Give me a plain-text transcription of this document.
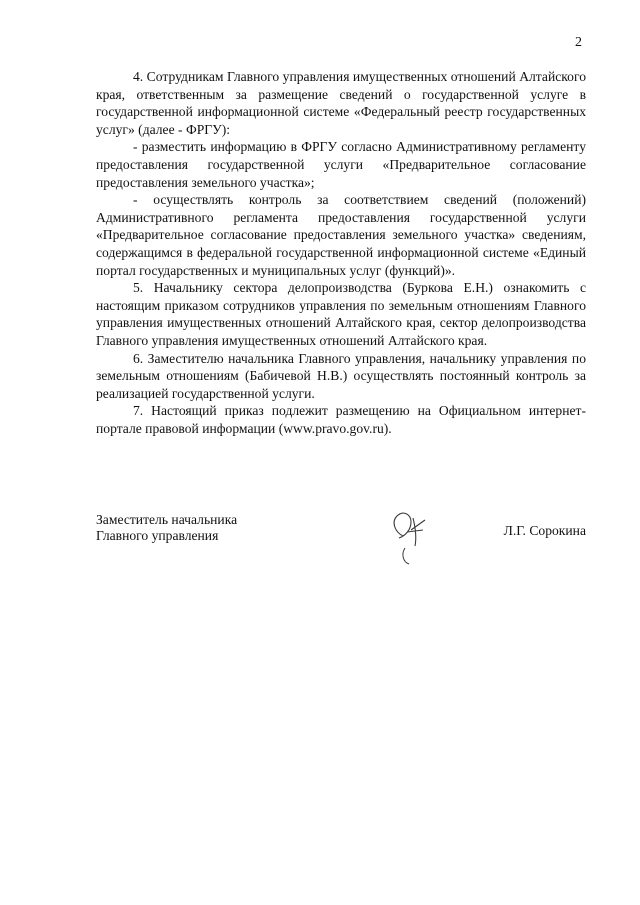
2

4. Сотрудникам Главного управления имущественных отношений Алтайского края, ответственным за размещение сведений о государственной услуге в государственной информационной системе «Федеральный реестр государственных услуг» (далее - ФРГУ):

- разместить информацию в ФРГУ согласно Административному регламенту предоставления государственной услуги «Предварительное согласование предоставления земельного участка»;

- осуществлять контроль за соответствием сведений (положений) Административного регламента предоставления государственной услуги «Предварительное согласование предоставления земельного участка» сведениям, содержащимся в федеральной государственной информационной системе «Единый портал государственных и муниципальных услуг (функций)».

5. Начальнику сектора делопроизводства (Буркова Е.Н.) ознакомить с настоящим приказом сотрудников управления по земельным отношениям Главного управления имущественных отношений Алтайского края, сектор делопроизводства Главного управления имущественных отношений Алтайского края.

6. Заместителю начальника Главного управления, начальнику управления по земельным отношениям (Бабичевой Н.В.) осуществлять постоянный контроль за реализацией государственной услуги.

7. Настоящий приказ подлежит размещению на Официальном интернет-портале правовой информации (www.pravo.gov.ru).

Заместитель начальника
Главного управления	Л.Г. Сорокина
